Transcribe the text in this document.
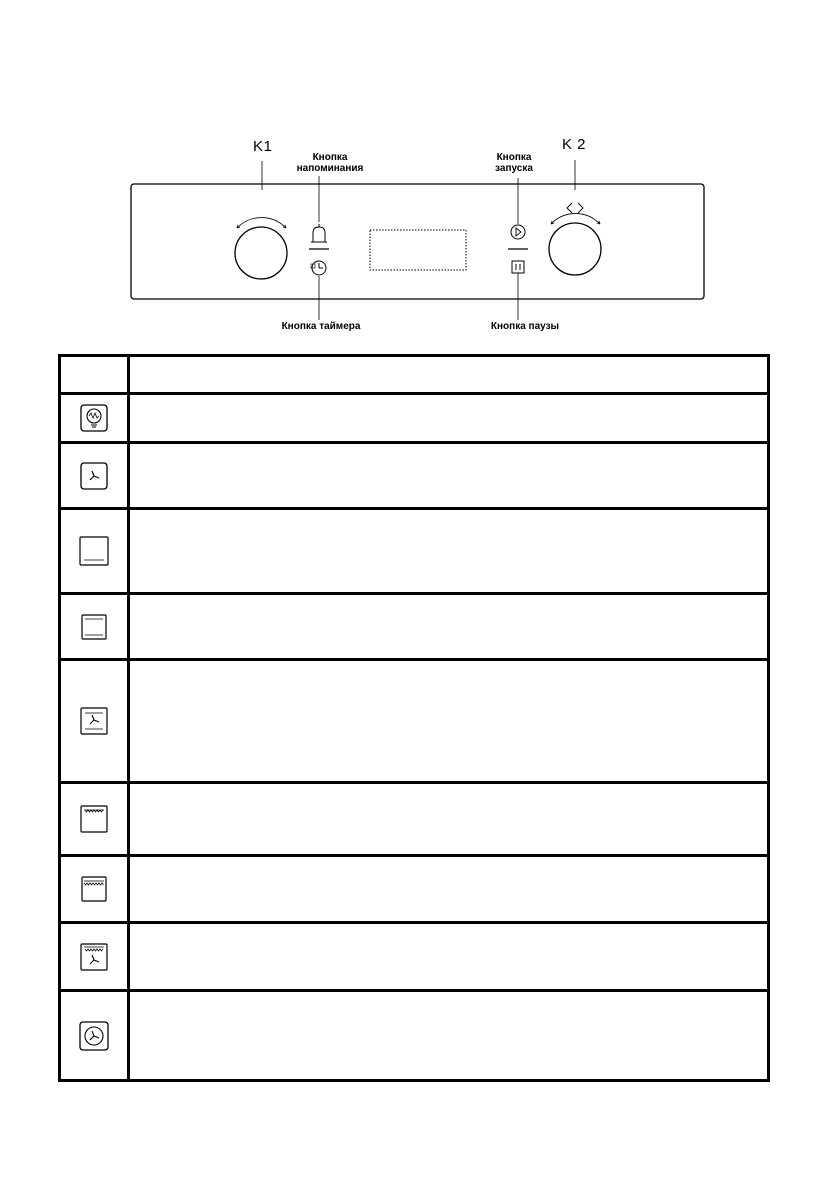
K1	K 2
Кнопка напоминания
Кнопка запуска
Кнопка таймера	Кнопка паузы
